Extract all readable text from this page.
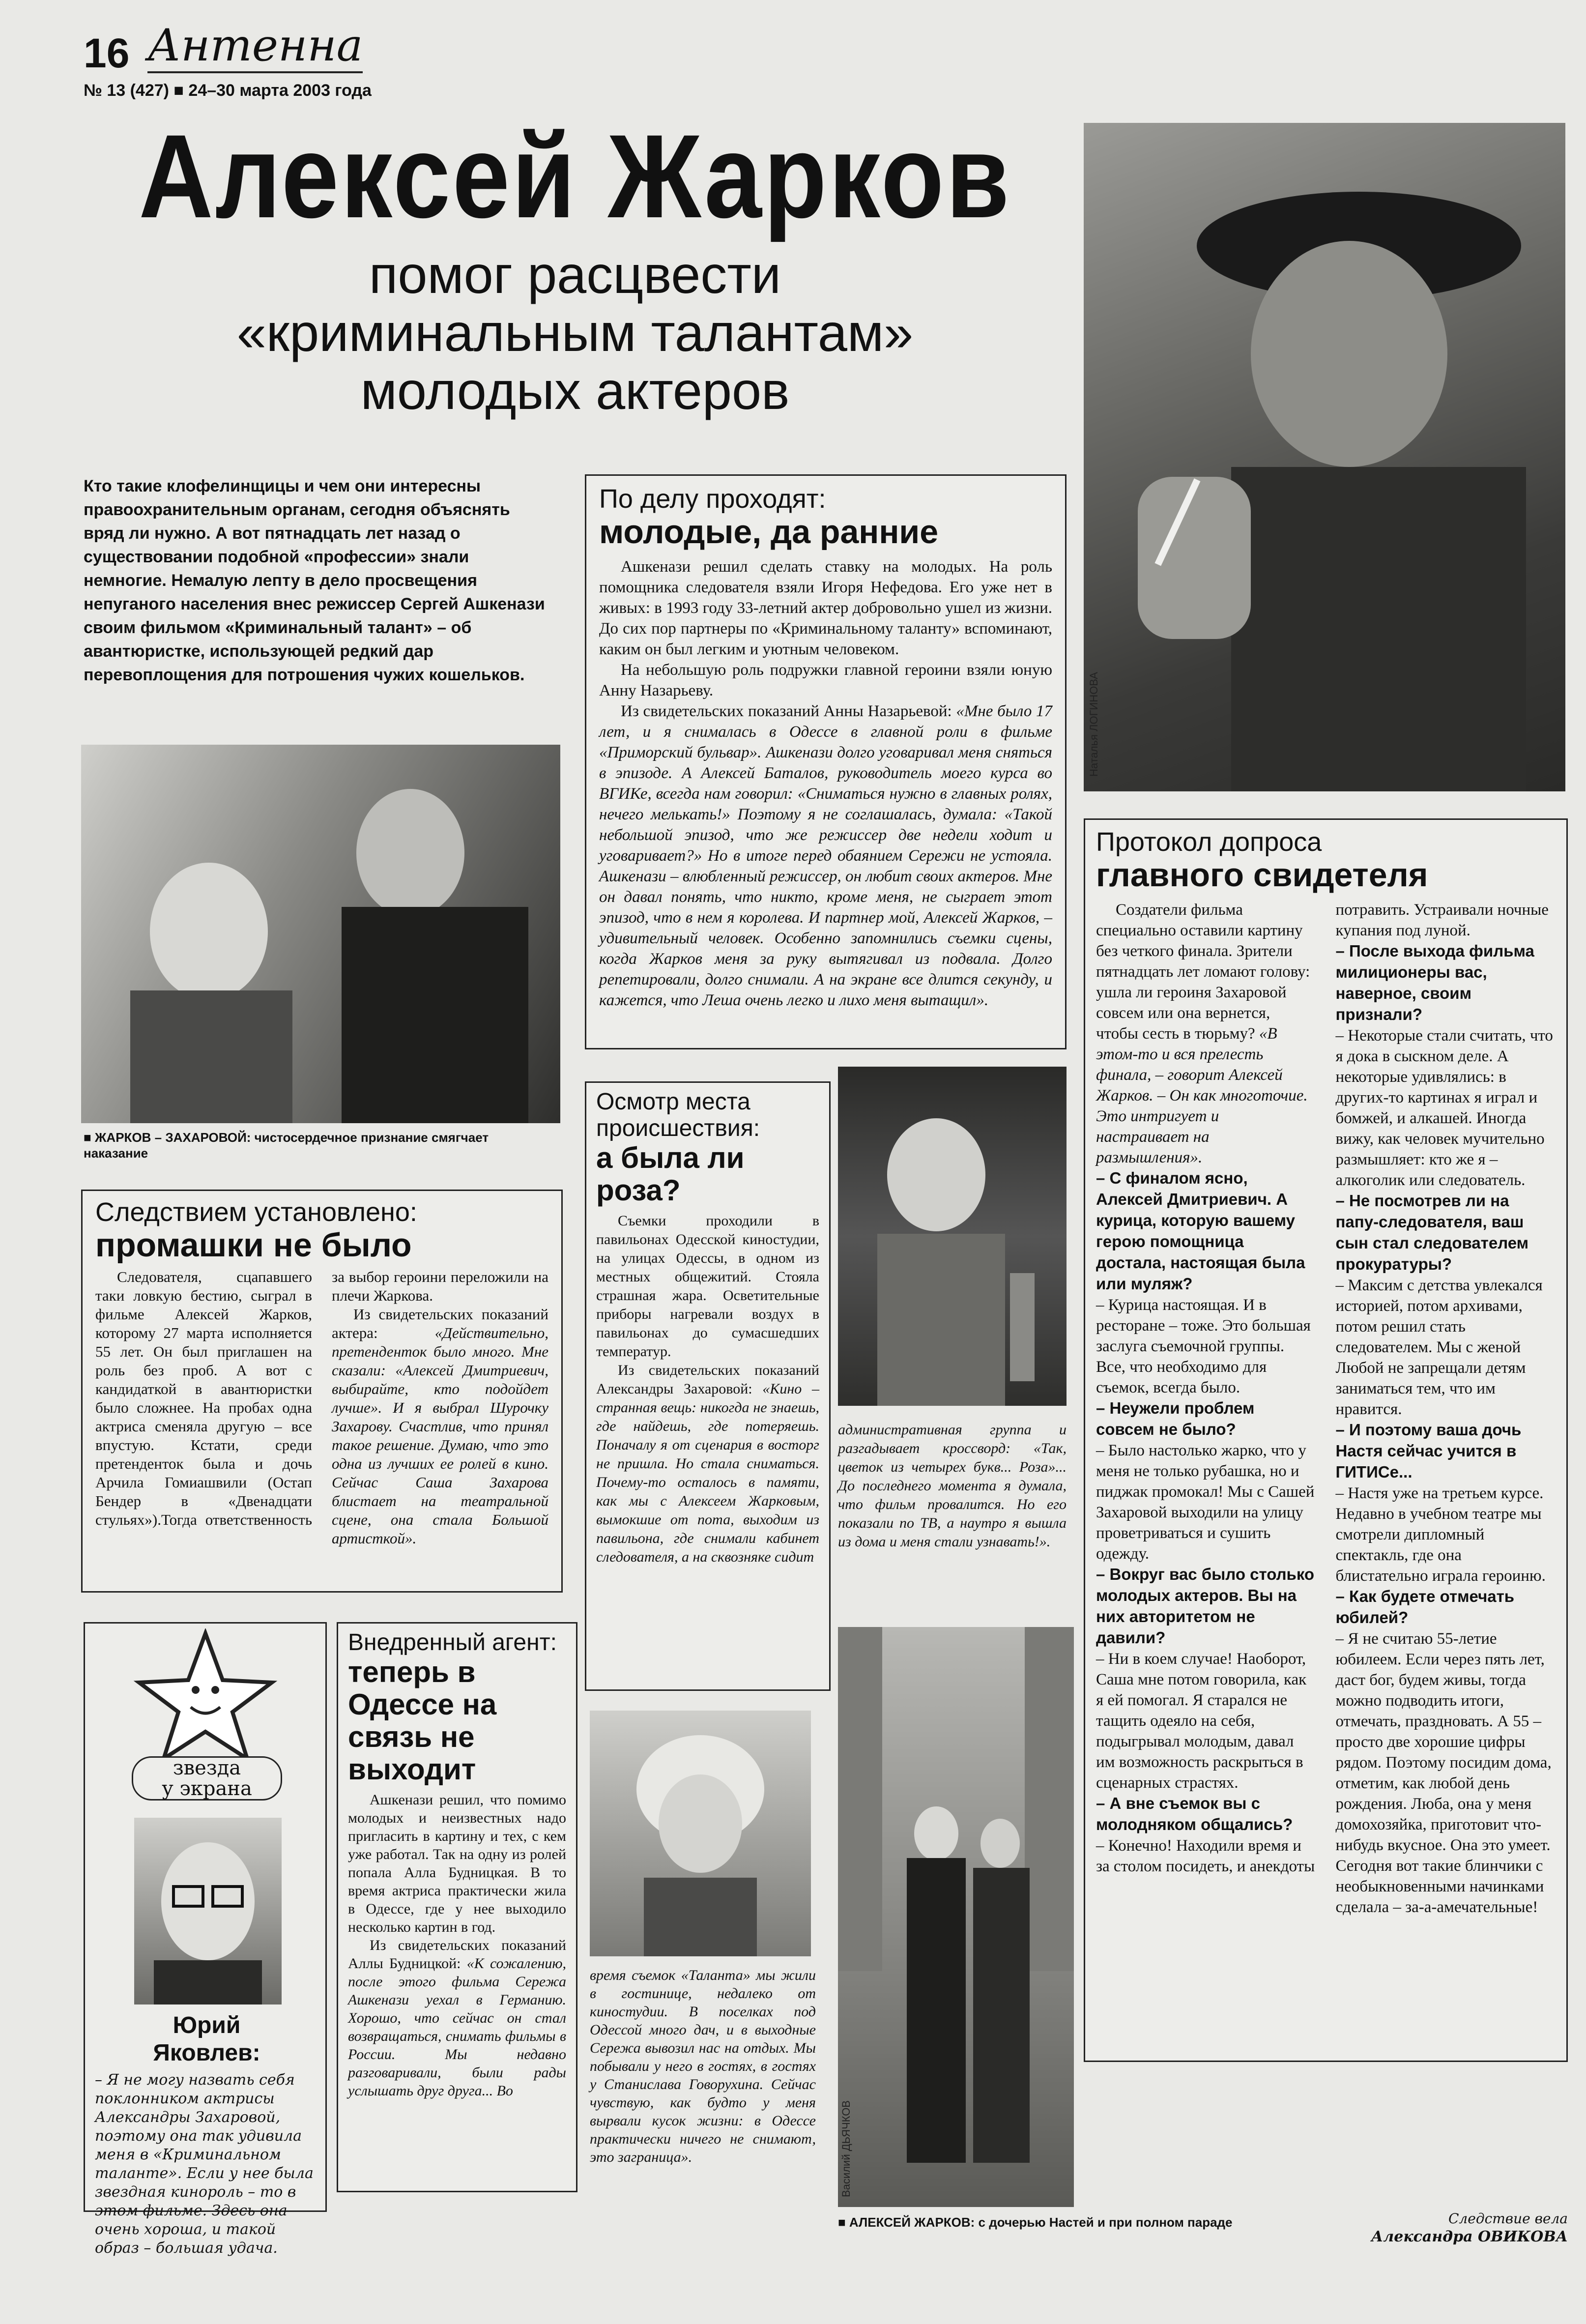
16 Антенна
№ 13 (427) ■ 24–30 марта 2003 года
Алексей Жарков
помог расцвести
«криминальным талантам»
молодых актеров
Кто такие клофелинщицы и чем они интересны правоохранительным органам, сегодня объяснять вряд ли нужно. А вот пятнадцать лет назад о существовании подобной «профессии» знали немногие. Немалую лепту в дело просвещения непуганого населения внес режиссер Сергей Ашкенази своим фильмом «Криминальный талант» – об авантюристке, использующей редкий дар перевоплощения для потрошения чужих кошельков.	Наталья ЛОГИНОВА
■ ЖАРКОВ – ЗАХАРОВОЙ: чистосердечное признание смягчает наказание
По делу проходят:
молодые, да ранние

Ашкенази решил сделать ставку на молодых. На роль помощника следователя взяли Игоря Нефедова. Его уже нет в живых: в 1993 году 33-летний актер добровольно ушел из жизни. До сих пор партнеры по «Криминальному таланту» вспоминают, каким он был легким и уютным человеком.

На небольшую роль подружки главной героини взяли юную Анну Назарьеву.

Из свидетельских показаний Анны Назарьевой: «Мне было 17 лет, и я снималась в Одессе в главной роли в фильме «Приморский бульвар». Ашкенази долго уговаривал меня сняться в эпизоде. А Алексей Баталов, руководитель моего курса во ВГИКе, всегда нам говорил: «Сниматься нужно в главных ролях, нечего мелькать!» Поэтому я не соглашалась, думала: «Такой небольшой эпизод, что же режиссер две недели ходит и уговаривает?» Но в итоге перед обаянием Сережи не устояла. Ашкенази – влюбленный режиссер, он любит своих актеров. Мне он давал понять, что никто, кроме меня, не сыграет этот эпизод, что в нем я королева. И партнер мой, Алексей Жарков, – удивительный человек. Особенно запомнились съемки сцены, когда Жарков меня за руку вытягивал из подвала. Долго репетировали, долго снимали. А на экране все длится секунду, и кажется, что Леша очень легко и лихо меня вытащил».

Протокол допроса
главного свидетеля

Создатели фильма специально оставили картину без четкого финала. Зрители пятнадцать лет ломают голову: ушла ли героиня Захаровой совсем или она вернется, чтобы сесть в тюрьму? «В этом-то и вся прелесть финала, – говорит Алексей Жарков. – Он как многоточие. Это интригует и настраивает на размышления».

– С финалом ясно, Алексей Дмитриевич. А курица, которую вашему герою помощница достала, настоящая была или муляж?

– Курица настоящая. И в ресторане – тоже. Это большая заслуга съемочной группы. Все, что необходимо для съемок, всегда было.

– Неужели проблем совсем не было?

– Было настолько жарко, что у меня не только рубашка, но и пиджак промокал! Мы с Сашей Захаровой выходили на улицу проветриваться и сушить одежду.

– Вокруг вас было столько молодых актеров. Вы на них авторитетом не давили?

– Ни в коем случае! Наоборот, Саша мне потом говорила, как я ей помогал. Я старался не тащить одеяло на себя, подыгрывал молодым, давал им возможность раскрыться в сценарных страстях.

– А вне съемок вы с молодняком общались?

– Конечно! Находили время и за столом посидеть, и анекдоты потравить. Устраивали ночные купания под луной.

– После выхода фильма милиционеры вас, наверное, своим признали?

– Некоторые стали считать, что я дока в сыскном деле. А некоторые удивлялись: в других-то картинах я играл и бомжей, и алкашей. Иногда вижу, как человек мучительно размышляет: кто же я – алкоголик или следователь.

– Не посмотрев ли на папу-следователя, ваш сын стал следователем прокуратуры?

– Максим с детства увлекался историей, потом архивами, потом решил стать следователем. Мы с женой Любой не запрещали детям заниматься тем, что им нравится.

– И поэтому ваша дочь Настя сейчас учится в ГИТИСе...

– Настя уже на третьем курсе. Недавно в учебном театре мы смотрели дипломный спектакль, где она блистательно играла героиню.

– Как будете отмечать юбилей?

– Я не считаю 55-летие юбилеем. Если через пять лет, даст бог, будем живы, тогда можно подводить итоги, отмечать, праздновать. А 55 – просто две хорошие цифры рядом. Поэтому посидим дома, отметим, как любой день рождения. Люба, она у меня домохозяйка, приготовит что-нибудь вкусное. Она это умеет. Сегодня вот такие блинчики с необыкновенными начинками сделала – за-а-амечательные!

Следствием установлено:
промашки не было

Следователя, сцапавшего таки ловкую бестию, сыграл в фильме Алексей Жарков, которому 27 марта исполняется 55 лет. Он был приглашен на роль без проб. А вот с кандидаткой в авантюристки было сложнее. На пробах одна актриса сменяла другую – все впустую. Кстати, среди претенденток была и дочь Арчила Гомиашвили (Остап Бендер в «Двенадцати стульях»).Тогда ответственность за выбор героини переложили на плечи Жаркова.

Из свидетельских показаний актера:	«Действительно, претенденток было много. Мне сказали: «Алексей Дмитриевич, выбирайте, кто подойдет лучше». И я выбрал Шурочку Захарову. Счастлив, что принял такое решение. Думаю, что это одна из лучших ее ролей в кино. Сейчас Саша Захарова блистает на театральной сцене, она стала Большой артисткой».

Осмотр места происшествия:
а была ли роза?

Съемки проходили в павильонах Одесской киностудии, на улицах Одессы, в одном из местных общежитий. Стояла страшная жара. Осветительные приборы нагревали воздух в павильонах до сумасшедших температур.

Из свидетельских показаний Александры Захаровой: «Кино – странная вещь: никогда не знаешь, где найдешь, где потеряешь. Поначалу я от сценария в восторг не пришла. Но стала сниматься. Почему-то осталось в памяти, как мы с Алексеем Жарковым, вымокшие от пота, выходим из павильона, где снимали кабинет следователя, а на сквозняке сидит

административная группа и разгадывает кроссворд: «Так, цветок из четырех букв... Роза»... До последнего момента я думала, что фильм провалится. Но его показали по ТВ, а наутро я вышла из дома и меня стали узнавать!».
звезда
у экрана
Юрий
Яковлев:
– Я не могу назвать себя поклонником актрисы Александры Захаровой, поэтому она так удивила меня в «Криминальном таланте». Если у нее была звездная кинороль – то в этом фильме. Здесь она очень хороша, и такой образ – большая удача.
Внедренный агент:
теперь в Одессе на связь не выходит

Ашкенази решил, что помимо молодых и неизвестных надо пригласить в картину и тех, с кем уже работал. Так на одну из ролей попала Алла Будницкая. В то время актриса практически жила в Одессе, где у нее выходило несколько картин в год.

Из свидетельских показаний Аллы Будницкой: «К сожалению, после этого фильма Сережа Ашкенази уехал в Германию. Хорошо, что сейчас он стал возвращаться, снимать фильмы в России. Мы недавно разговаривали, были рады услышать друг друга... Во

время съемок «Таланта» мы жили в гостинице, недалеко от киностудии. В поселках под Одессой много дач, и в выходные Сережа вывозил нас на отдых. Мы побывали у него в гостях, в гостях у Станислава Говорухина. Сейчас чувствую, как будто у меня вырвали кусок жизни: в Одессе практически ничего не снимают, это заграница».	Василий ДЬЯЧКОВ
■ АЛЕКСЕЙ ЖАРКОВ: с дочерью Настей и при полном параде	Следствие вела
Александра ОВИКОВА
